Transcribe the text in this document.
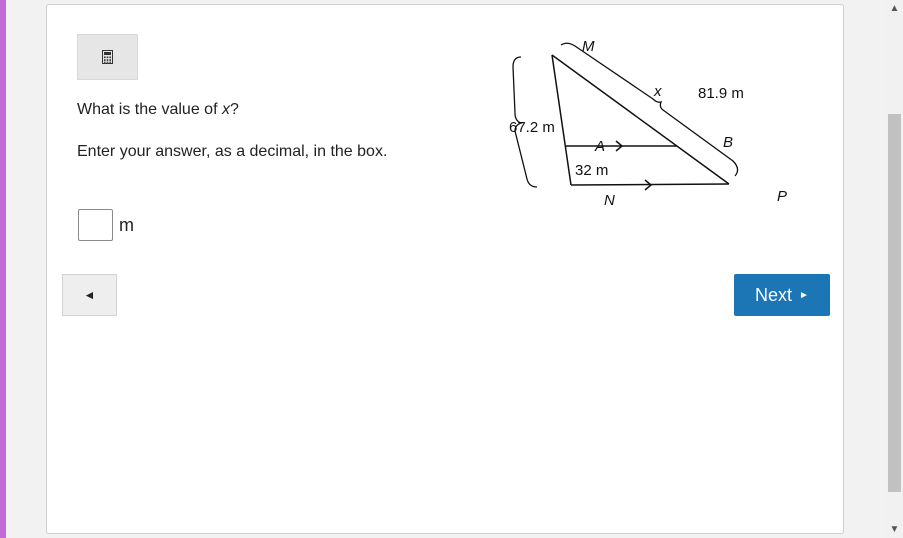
What is the value of x?
Enter your answer, as a decimal, in the box.
m
◄	Next ►
M
A	B
N	P
x 81.9 m
67.2 m
32 m
▲
▼
